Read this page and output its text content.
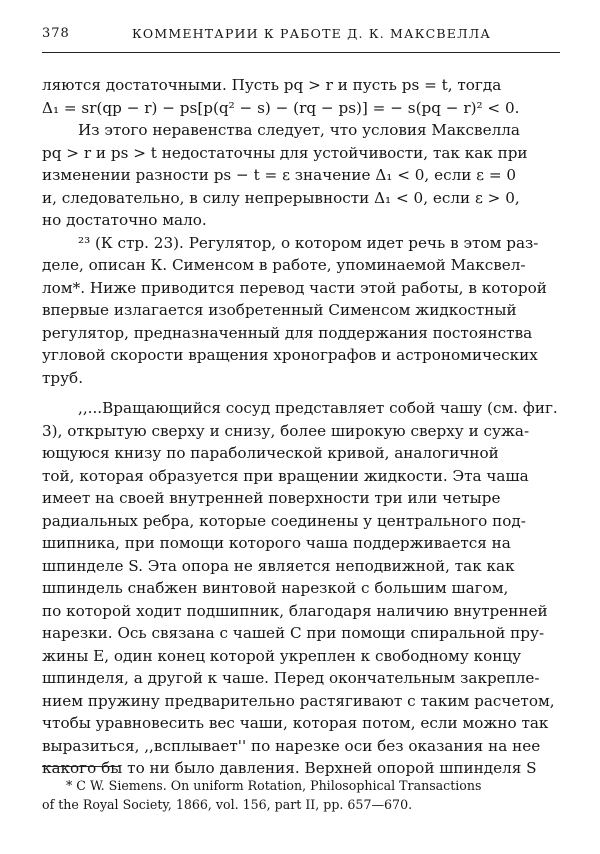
378	КОММЕНТАРИИ К РАБОТЕ Д. К. МАКСВЕЛЛА
ляются достаточными. Пусть pq > r и пусть ps = t, тогда
Δ₁ = sr(qp − r) − ps[p(q² − s) − (rq − ps)] = − s(pq − r)² < 0.
Из этого неравенства следует, что условия Максвелла
pq > r и ps > t недостаточны для устойчивости, так как при
изменении разности ps − t = ε значение Δ₁ < 0, если ε = 0
и, следовательно, в силу непрерывности Δ₁ < 0, если ε > 0,
но достаточно мало.
²³ (К стр. 23). Регулятор, о котором идет речь в этом раз-
деле, описан К. Сименсом в работе, упоминаемой Максвел-
лом*. Ниже приводится перевод части этой работы, в которой
впервые излагается изобретенный Сименсом жидкостный
регулятор, предназначенный для поддержания постоянства
угловой скорости вращения хронографов и астрономических
труб.
,,...Вращающийся сосуд представляет собой чашу (см. фиг.
3), открытую сверху и снизу, более широкую сверху и сужа-
ющуюся книзу по параболической кривой, аналогичной
той, которая образуется при вращении жидкости. Эта чаша
имеет на своей внутренней поверхности три или четыре
радиальных ребра, которые соединены у центрального под-
шипника, при помощи которого чаша поддерживается на
шпинделе S. Эта опора не является неподвижной, так как
шпиндель снабжен винтовой нарезкой с большим шагом,
по которой ходит подшипник, благодаря наличию внутренней
нарезки. Ось связана с чашей C при помощи спиральной пру-
жины E, один конец которой укреплен к свободному концу
шпинделя, а другой к чаше. Перед окончательным закрепле-
нием пружину предварительно растягивают с таким расчетом,
чтобы уравновесить вес чаши, которая потом, если можно так
выразиться, ,,всплывает'' по нарезке оси без оказания на нее
какого бы то ни было давления. Верхней опорой шпинделя S
* C W. Siemens. On uniform Rotation, Philosophical Transactions
of the Royal Society, 1866, vol. 156, part II, pp. 657—670.
